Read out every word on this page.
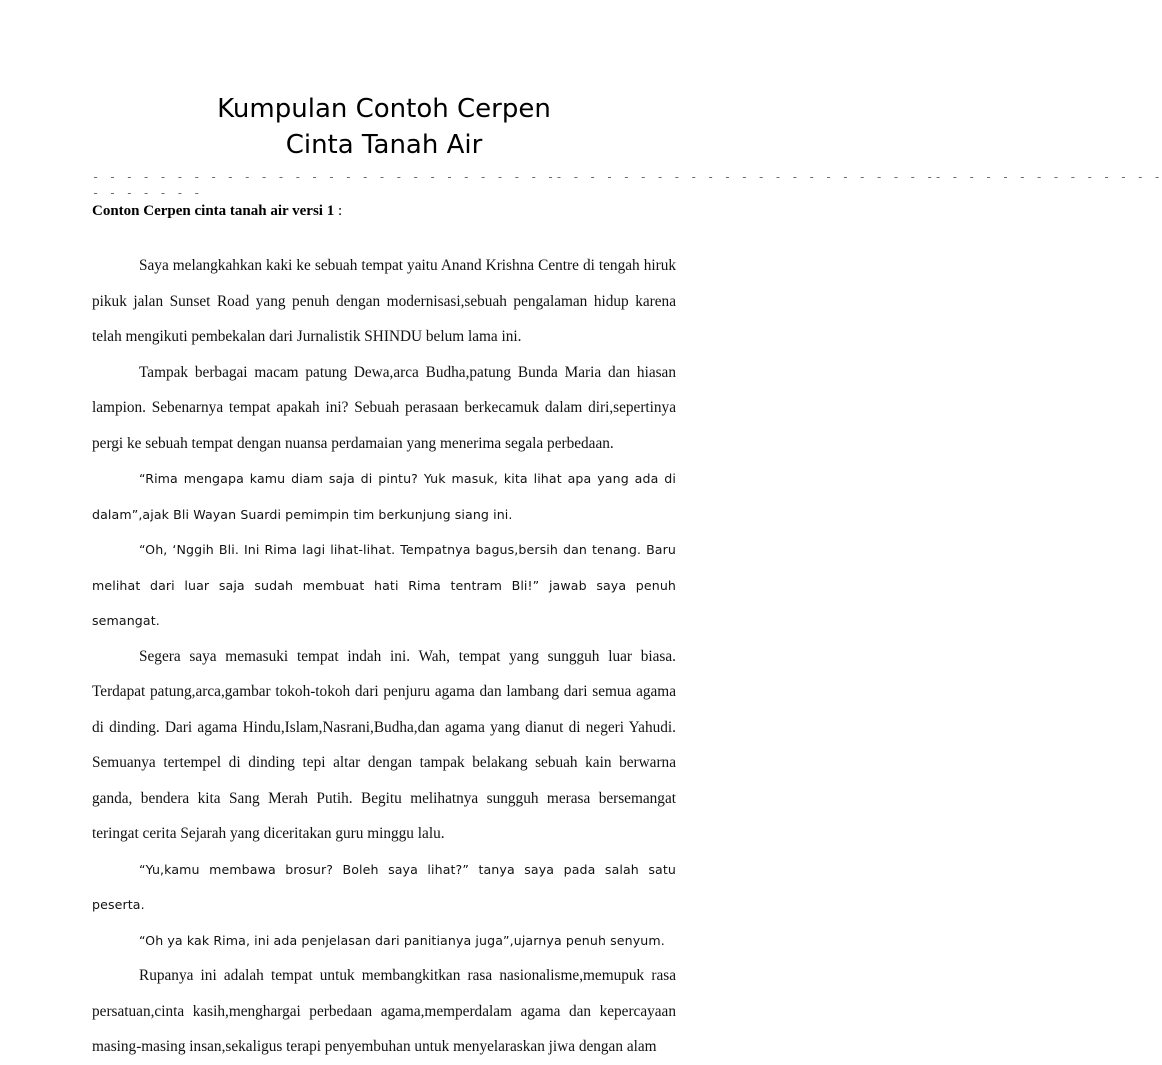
Kumpulan Contoh Cerpen
Cinta Tanah Air
- - - - - - - - - - - - - - - - - - - - - - - - - - - -- - - - - - - - - - - - - - - - - - - - - - -- - - - - - - - - - - - - -
- - - - - - -
Conton Cerpen cinta tanah air versi 1 :

Saya melangkahkan kaki ke sebuah tempat yaitu Anand Krishna Centre di tengah hiruk pikuk jalan Sunset Road yang penuh dengan modernisasi,sebuah pengalaman hidup karena telah mengikuti pembekalan dari Jurnalistik SHINDU belum lama ini.

Tampak berbagai macam patung Dewa,arca Budha,patung Bunda Maria dan hiasan lampion. Sebenarnya tempat apakah ini? Sebuah perasaan berkecamuk dalam diri,sepertinya pergi ke sebuah tempat dengan nuansa perdamaian yang menerima segala perbedaan.

“Rima mengapa kamu diam saja di pintu? Yuk masuk, kita lihat apa yang ada di dalam”,ajak Bli Wayan Suardi pemimpin tim berkunjung siang ini.

“Oh, ‘Nggih Bli. Ini Rima lagi lihat-lihat. Tempatnya bagus,bersih dan tenang. Baru melihat dari luar saja sudah membuat hati Rima tentram Bli!” jawab saya penuh semangat.

Segera saya memasuki tempat indah ini. Wah, tempat yang sungguh luar biasa. Terdapat patung,arca,gambar tokoh-tokoh dari penjuru agama dan lambang dari semua agama di dinding. Dari agama Hindu,Islam,Nasrani,Budha,dan agama yang dianut di negeri Yahudi. Semuanya tertempel di dinding tepi altar dengan tampak belakang sebuah kain berwarna ganda, bendera kita Sang Merah Putih. Begitu melihatnya sungguh merasa bersemangat teringat cerita Sejarah yang diceritakan guru minggu lalu.

“Yu,kamu membawa brosur? Boleh saya lihat?” tanya saya pada salah satu peserta.

“Oh ya kak Rima, ini ada penjelasan dari panitianya juga”,ujarnya penuh senyum.

Rupanya ini adalah tempat untuk membangkitkan rasa nasionalisme,memupuk rasa persatuan,cinta kasih,menghargai perbedaan agama,memperdalam agama dan kepercayaan masing-masing insan,sekaligus terapi penyembuhan untuk menyelaraskan jiwa dengan alam
